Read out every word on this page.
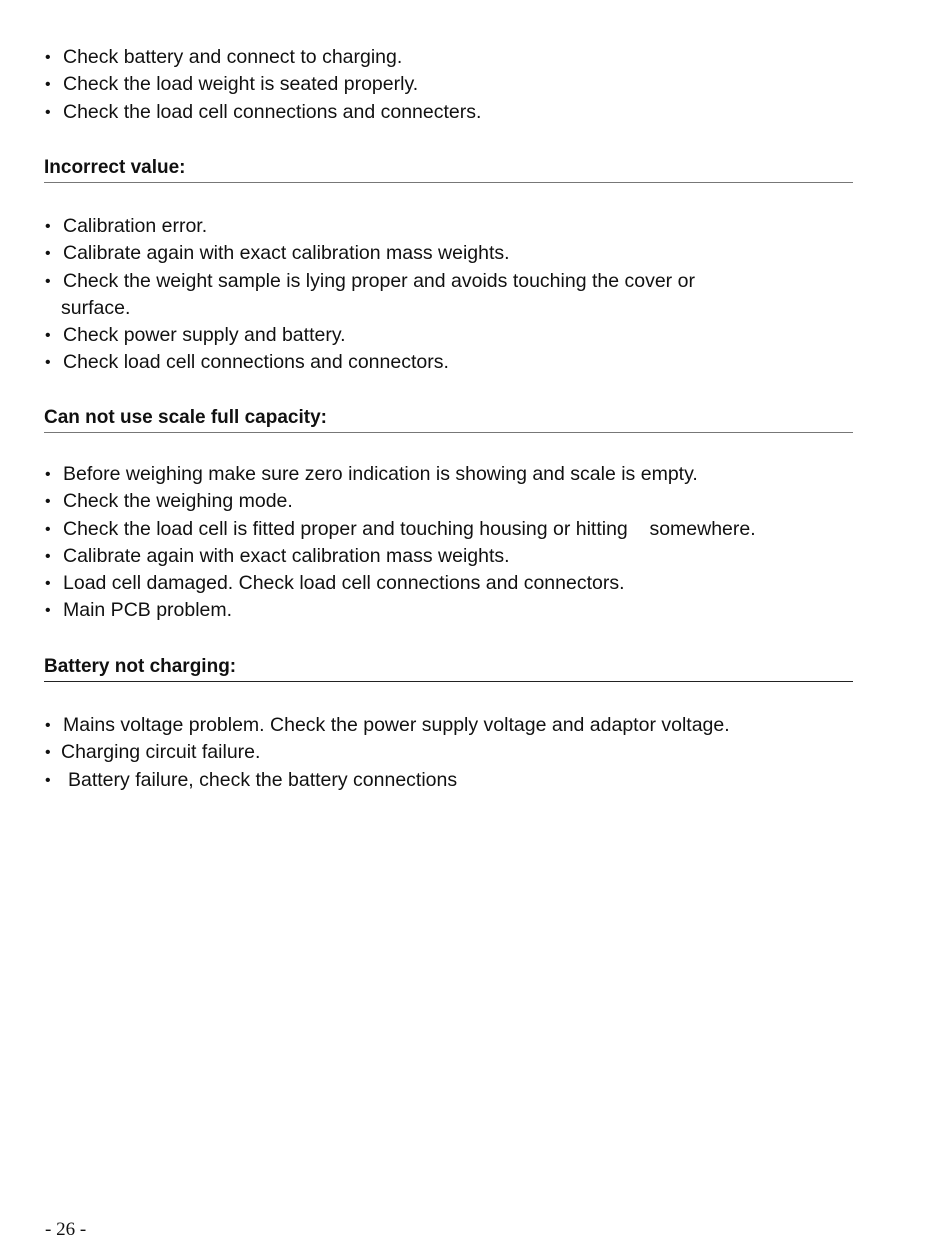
• Check battery and connect to charging.
• Check the load weight is seated properly.
• Check the load cell connections and connecters.
Incorrect value:
• Calibration error.
• Calibrate again with exact calibration mass weights.
• Check the weight sample is lying proper and avoids touching the cover or
surface.
• Check power supply and battery.
• Check load cell connections and connectors.
Can not use scale full capacity:
• Before weighing make sure zero indication is showing and scale is empty.
• Check the weighing mode.
• Check the load cell is fitted proper and touching housing or hitting    somewhere.
• Calibrate again with exact calibration mass weights.
• Load cell damaged. Check load cell connections and connectors.
• Main PCB problem.
Battery not charging:
• Mains voltage problem. Check the power supply voltage and adaptor voltage.
• Charging circuit failure.
• Battery failure, check the battery connections
- 26 -
